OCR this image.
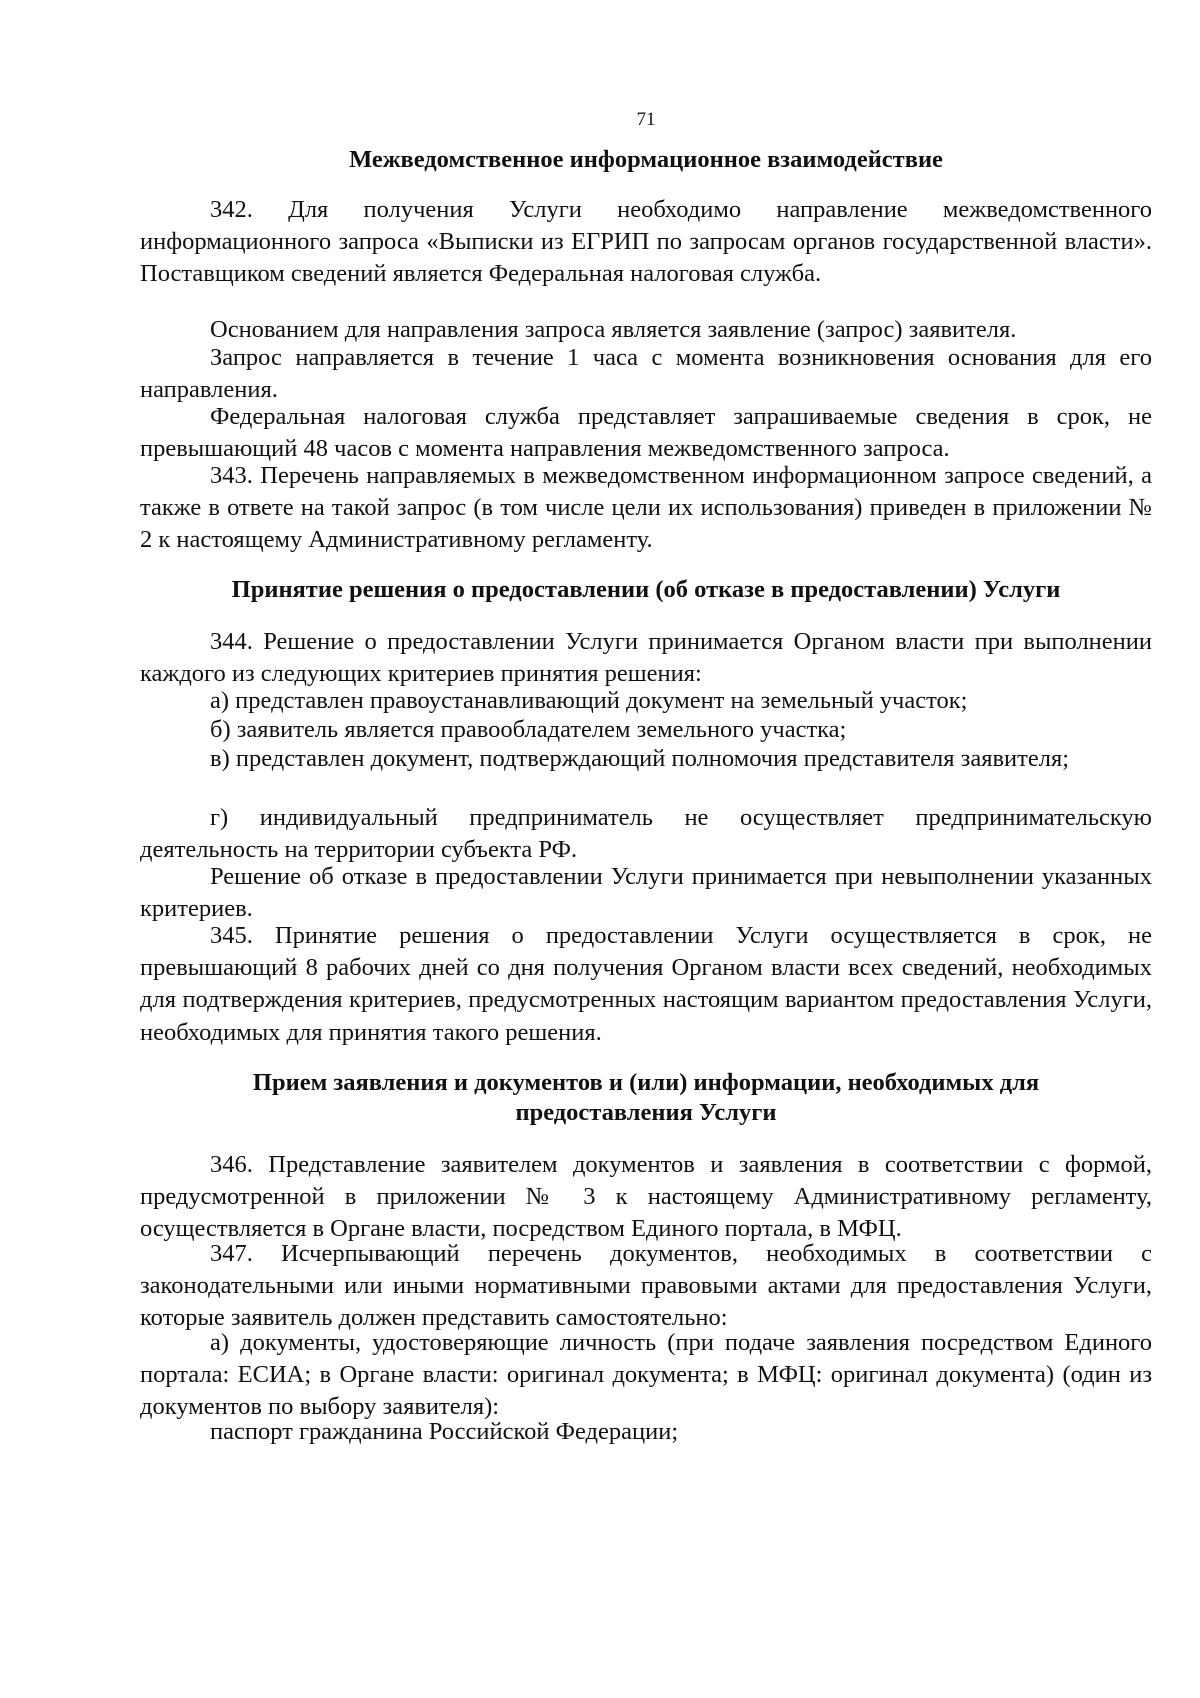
71
Межведомственное информационное взаимодействие

342. Для получения Услуги необходимо направление межведомственного информационного запроса «Выписки из ЕГРИП по запросам органов государственной власти». Поставщиком сведений является Федеральная налоговая служба.

Основанием для направления запроса является заявление (запрос) заявителя.

Запрос направляется в течение 1 часа с момента возникновения основания для его направления.

Федеральная налоговая служба представляет запрашиваемые сведения в срок, не превышающий 48 часов с момента направления межведомственного запроса.

343. Перечень направляемых в межведомственном информационном запросе сведений, а также в ответе на такой запрос (в том числе цели их использования) приведен в приложении № 2 к настоящему Административному регламенту.

Принятие решения о предоставлении (об отказе в предоставлении) Услуги

344. Решение о предоставлении Услуги принимается Органом власти при выполнении каждого из следующих критериев принятия решения:

а) представлен правоустанавливающий документ на земельный участок;

б) заявитель является правообладателем земельного участка;

в) представлен документ, подтверждающий полномочия представителя заявителя;

г) индивидуальный предприниматель не осуществляет предпринимательскую деятельность на территории субъекта РФ.

Решение об отказе в предоставлении Услуги принимается при невыполнении указанных критериев.

345. Принятие решения о предоставлении Услуги осуществляется в срок, не превышающий 8 рабочих дней со дня получения Органом власти всех сведений, необходимых для подтверждения критериев, предусмотренных настоящим вариантом предоставления Услуги, необходимых для принятия такого решения.

Прием заявления и документов и (или) информации, необходимых для
предоставления Услуги

346. Представление заявителем документов и заявления в соответствии с формой, предусмотренной в приложении № 3 к настоящему Административному регламенту, осуществляется в Органе власти, посредством Единого портала, в МФЦ.

347. Исчерпывающий перечень документов, необходимых в соответствии с законодательными или иными нормативными правовыми актами для предоставления Услуги, которые заявитель должен представить самостоятельно:

а) документы, удостоверяющие личность (при подаче заявления посредством Единого портала: ЕСИА; в Органе власти: оригинал документа; в МФЦ: оригинал документа) (один из документов по выбору заявителя):

паспорт гражданина Российской Федерации;
